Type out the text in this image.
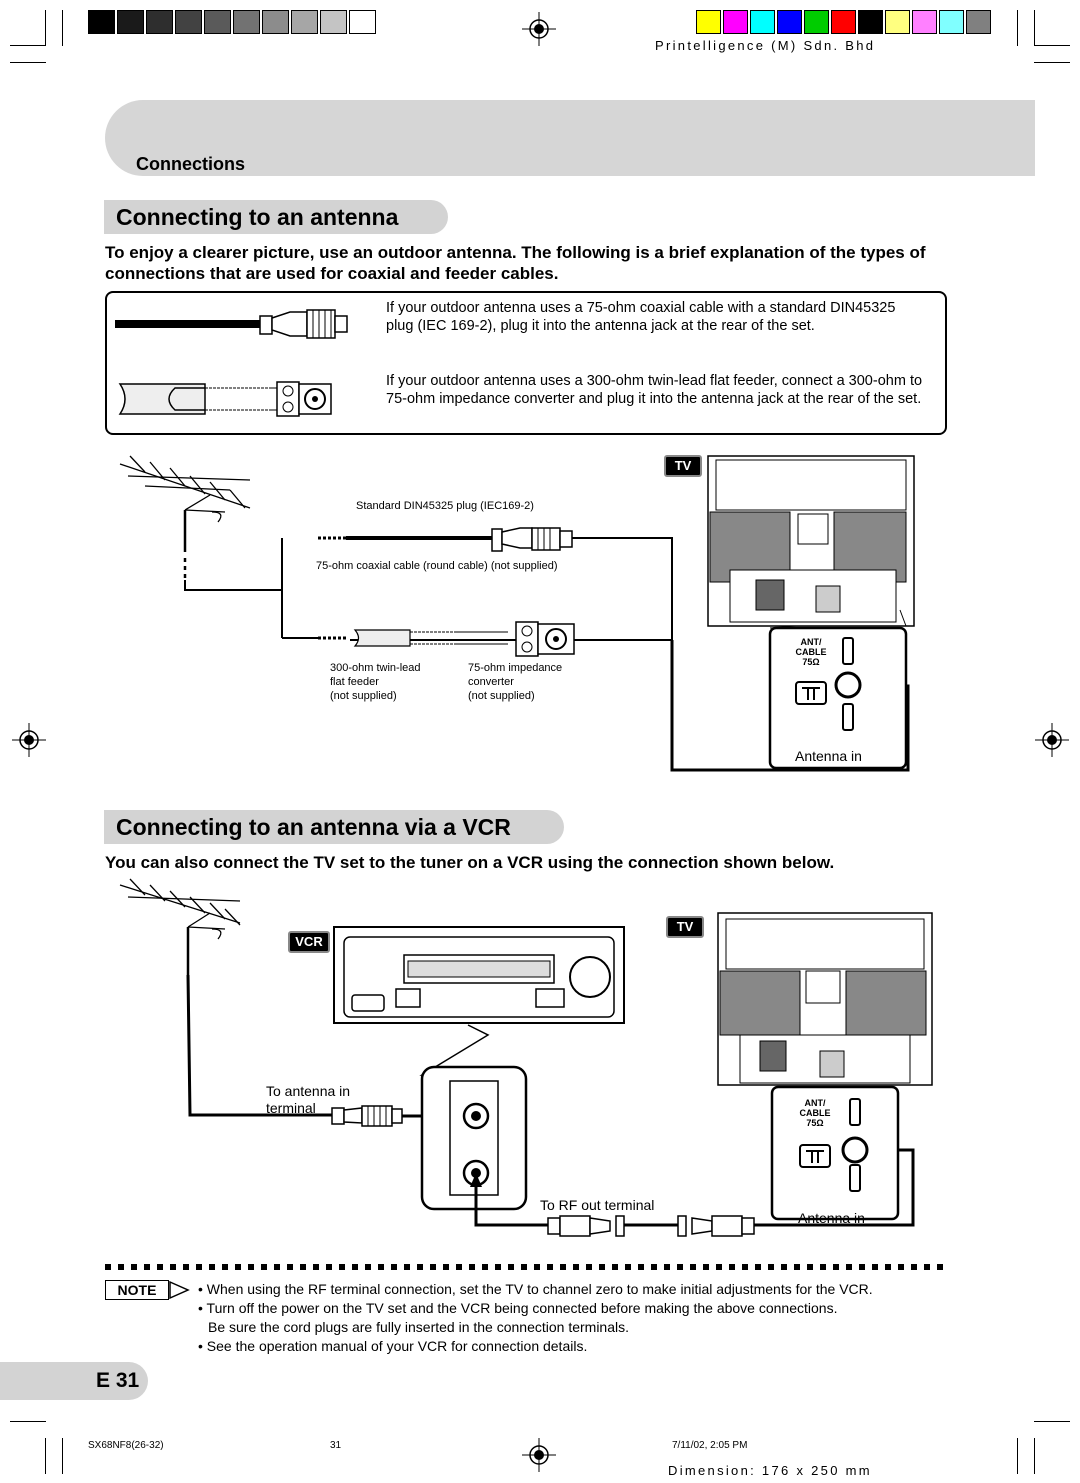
Printelligence (M) Sdn. Bhd
Connections
Connecting to an antenna
To enjoy a clearer picture, use an outdoor antenna. The following is a brief explanation of the types of connections that are used for coaxial and feeder cables.
If your outdoor antenna uses a 75-ohm coaxial cable with a standard DIN45325 plug (IEC 169-2), plug it into the antenna jack at the rear of the set.
If your outdoor antenna uses a 300-ohm twin-lead flat feeder, connect a 300-ohm to 75-ohm impedance converter and plug it into the antenna jack at the rear of the set.
TV
Standard DIN45325 plug (IEC169-2)
75-ohm coaxial cable (round cable) (not supplied)
300-ohm twin-lead
flat feeder
(not supplied)
75-ohm impedance
converter
(not supplied)
ANT/
CABLE
75Ω
Antenna in
Connecting to an antenna via a VCR
You can also connect the TV set to the tuner on a VCR using the connection shown below.
VCR
TV
To antenna in
terminal
To RF out terminal
ANT/
CABLE
75Ω
Antenna in
NOTE	• When using the RF terminal connection, set the TV to channel zero to make initial adjustments for the VCR.
• Turn off the power on the TV set and the VCR being connected before making the above connections.
Be sure the cord plugs are fully inserted in the connection terminals.
• See the operation manual of your VCR for connection details.
E 31
SX68NF8(26-32)	31	7/11/02, 2:05 PM
Dimension: 176 x 250 mm
